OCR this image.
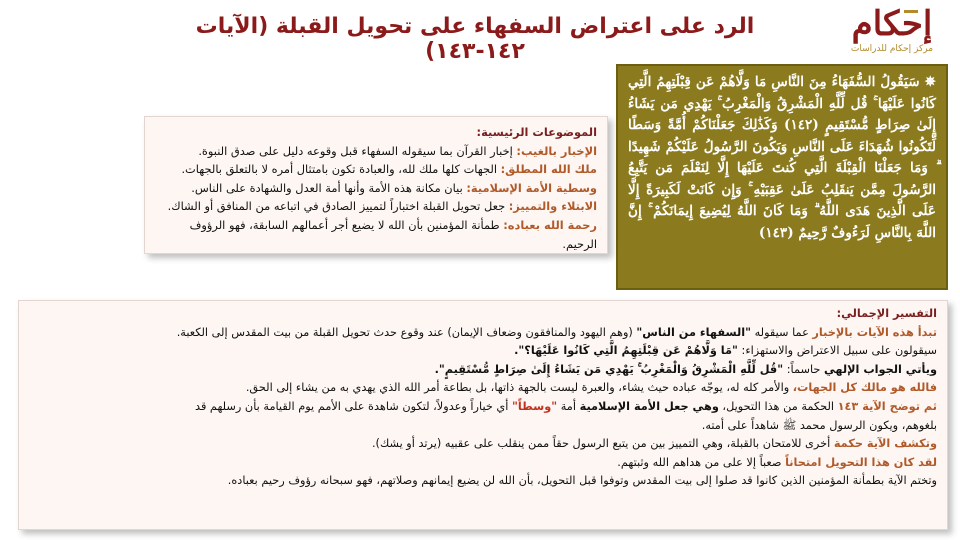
الرد على اعتراض السفهاء على تحويل القبلة (الآيات ١٤٢-١٤٣)
إحكام
مركز إحكام للدراسات
✵ سَيَقُولُ السُّفَهَاءُ مِنَ النَّاسِ مَا وَلَّاهُمْ عَن قِبْلَتِهِمُ الَّتِي كَانُوا عَلَيْهَا ۚ قُل لِّلَّهِ الْمَشْرِقُ وَالْمَغْرِبُ ۚ يَهْدِي مَن يَشَاءُ إِلَىٰ صِرَاطٍ مُّسْتَقِيمٍ (١٤٢) وَكَذَٰلِكَ جَعَلْنَاكُمْ أُمَّةً وَسَطًا لِّتَكُونُوا شُهَدَاءَ عَلَى النَّاسِ وَيَكُونَ الرَّسُولُ عَلَيْكُمْ شَهِيدًا ۗ وَمَا جَعَلْنَا الْقِبْلَةَ الَّتِي كُنتَ عَلَيْهَا إِلَّا لِنَعْلَمَ مَن يَتَّبِعُ الرَّسُولَ مِمَّن يَنقَلِبُ عَلَىٰ عَقِبَيْهِ ۚ وَإِن كَانَتْ لَكَبِيرَةً إِلَّا عَلَى الَّذِينَ هَدَى اللَّهُ ۗ وَمَا كَانَ اللَّهُ لِيُضِيعَ إِيمَانَكُمْ ۚ إِنَّ اللَّهَ بِالنَّاسِ لَرَءُوفٌ رَّحِيمٌ (١٤٣)
الموضوعات الرئيسية:
الإخبار بالغيب: إخبار القرآن بما سيقوله السفهاء قبل وقوعه دليل على صدق النبوة.
ملك الله المطلق: الجهات كلها ملك لله، والعبادة تكون بامتثال أمره لا بالتعلق بالجهات.
وسطية الأمة الإسلامية: بيان مكانة هذه الأمة وأنها أمة العدل والشهادة على الناس.
الابتلاء والتمييز: جعل تحويل القبلة اختباراً لتمييز الصادق في اتباعه من المنافق أو الشاك.
رحمة الله بعباده: طمأنة المؤمنين بأن الله لا يضيع أجر أعمالهم السابقة، فهو الرؤوف الرحيم.
التفسير الإجمالي:
تبدأ هذه الآيات بالإخبار عما سيقوله "السفهاء من الناس" (وهم اليهود والمنافقون وضعاف الإيمان) عند وقوع حدث تحويل القبلة من بيت المقدس إلى الكعبة.
سيقولون على سبيل الاعتراض والاستهزاء: "مَا وَلَّاهُمْ عَن قِبْلَتِهِمُ الَّتِي كَانُوا عَلَيْهَا؟".
ويأتي الجواب الإلهي حاسماً: "قُل لِّلَّهِ الْمَشْرِقُ وَالْمَغْرِبُ ۚ يَهْدِي مَن يَشَاءُ إِلَىٰ صِرَاطٍ مُّسْتَقِيمٍ".
فالله هو مالك كل الجهات، والأمر كله له، يوجّه عباده حيث يشاء، والعبرة ليست بالجهة ذاتها، بل بطاعة أمر الله الذي يهدي به من يشاء إلى الحق.
ثم توضح الآية ١٤٣ الحكمة من هذا التحويل، وهي جعل الأمة الإسلامية أمة "وسطاً" أي خياراً وعدولاً، لتكون شاهدة على الأمم يوم القيامة بأن رسلهم قد
بلغوهم، ويكون الرسول محمد ﷺ شاهداً على أمته.
وتكشف الآية حكمة أخرى للامتحان بالقبلة، وهي التمييز بين من يتبع الرسول حقاً ممن ينقلب على عقبيه (يرتد أو يشك).
لقد كان هذا التحويل امتحاناً صعباً إلا على من هداهم الله وثبتهم.
وتختم الآية بطمأنة المؤمنين الذين كانوا قد صلوا إلى بيت المقدس وتوفوا قبل التحويل، بأن الله لن يضيع إيمانهم وصلاتهم، فهو سبحانه رؤوف رحيم بعباده.
